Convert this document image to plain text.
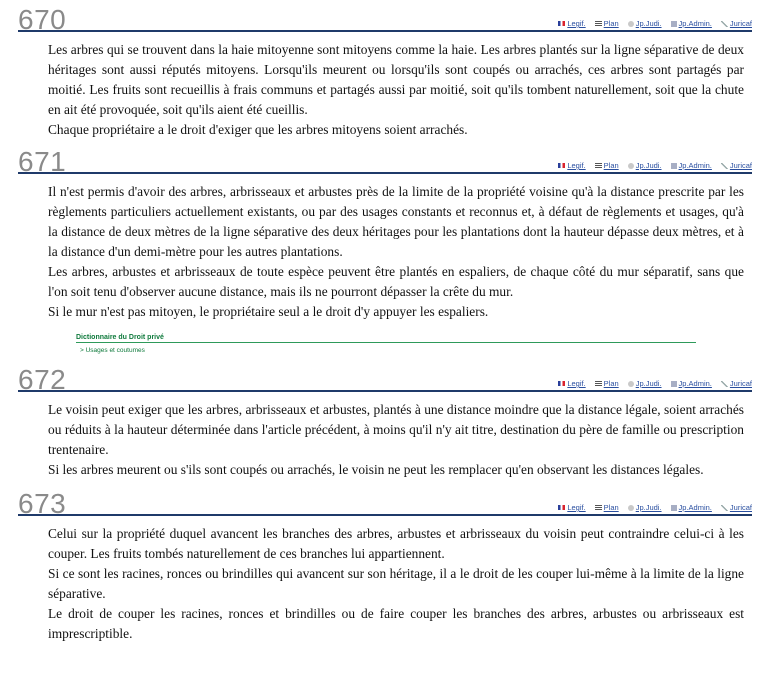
670	Legif. Plan Jp.Judi. Jp.Admin. Juricaf

Les arbres qui se trouvent dans la haie mitoyenne sont mitoyens comme la haie. Les arbres plantés sur la ligne séparative de deux héritages sont aussi réputés mitoyens. Lorsqu'ils meurent ou lorsqu'ils sont coupés ou arrachés, ces arbres sont partagés par moitié. Les fruits sont recueillis à frais communs et partagés aussi par moitié, soit qu'ils tombent naturellement, soit que la chute en ait été provoquée, soit qu'ils aient été cueillis.

Chaque propriétaire a le droit d'exiger que les arbres mitoyens soient arrachés.

671	Legif. Plan Jp.Judi. Jp.Admin. Juricaf

Il n'est permis d'avoir des arbres, arbrisseaux et arbustes près de la limite de la propriété voisine qu'à la distance prescrite par les règlements particuliers actuellement existants, ou par des usages constants et reconnus et, à défaut de règlements et usages, qu'à la distance de deux mètres de la ligne séparative des deux héritages pour les plantations dont la hauteur dépasse deux mètres, et à la distance d'un demi-mètre pour les autres plantations.

Les arbres, arbustes et arbrisseaux de toute espèce peuvent être plantés en espaliers, de chaque côté du mur séparatif, sans que l'on soit tenu d'observer aucune distance, mais ils ne pourront dépasser la crête du mur.

Si le mur n'est pas mitoyen, le propriétaire seul a le droit d'y appuyer les espaliers.

Dictionnaire du Droit privé
> Usages et coutumes
672	Legif. Plan Jp.Judi. Jp.Admin. Juricaf

Le voisin peut exiger que les arbres, arbrisseaux et arbustes, plantés à une distance moindre que la distance légale, soient arrachés ou réduits à la hauteur déterminée dans l'article précédent, à moins qu'il n'y ait titre, destination du père de famille ou prescription trentenaire.

Si les arbres meurent ou s'ils sont coupés ou arrachés, le voisin ne peut les remplacer qu'en observant les distances légales.

673	Legif. Plan Jp.Judi. Jp.Admin. Juricaf

Celui sur la propriété duquel avancent les branches des arbres, arbustes et arbrisseaux du voisin peut contraindre celui-ci à les couper. Les fruits tombés naturellement de ces branches lui appartiennent.

Si ce sont les racines, ronces ou brindilles qui avancent sur son héritage, il a le droit de les couper lui-même à la limite de la ligne séparative.

Le droit de couper les racines, ronces et brindilles ou de faire couper les branches des arbres, arbustes ou arbrisseaux est imprescriptible.
